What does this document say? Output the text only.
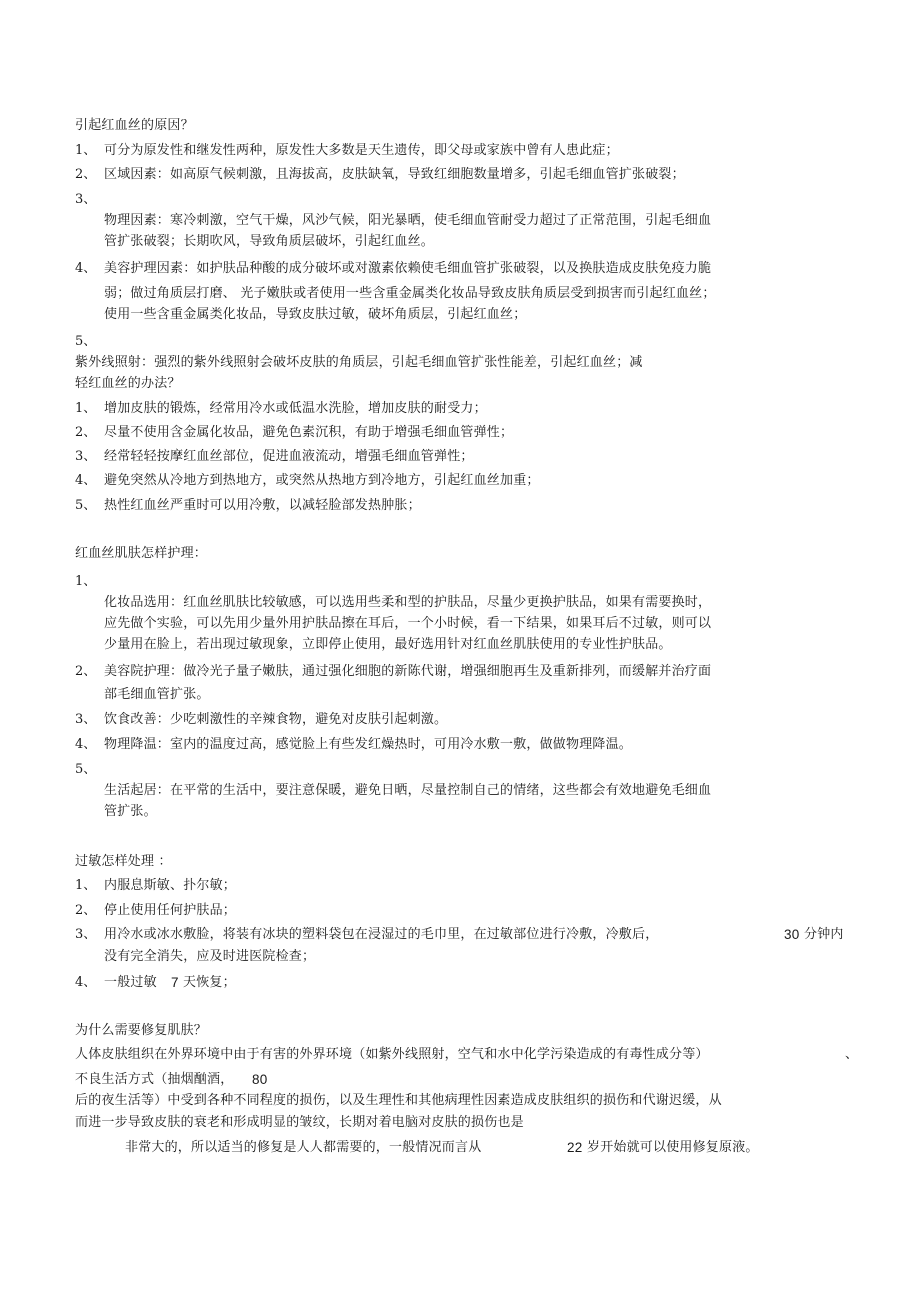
引起红血丝的原因？
1、 可分为原发性和继发性两种，原发性大多数是天生遗传，即父母或家族中曾有人患此症；
2、 区域因素：如高原气候刺激，且海拔高，皮肤缺氧，导致红细胞数量增多，引起毛细血管扩张破裂；
3、
物理因素：寒冷刺激，空气干燥，风沙气候，阳光暴晒，使毛细血管耐受力超过了正常范围，引起毛细血
管扩张破裂；长期吹风，导致角质层破坏，引起红血丝。
4、 美容护理因素：如护肤品种酸的成分破坏或对激素依赖使毛细血管扩张破裂，以及换肤造成皮肤免疫力脆
弱；做过角质层打磨、 光子嫩肤或者使用一些含重金属类化妆品导致皮肤角质层受到损害而引起红血丝；
使用一些含重金属类化妆品，导致皮肤过敏，破坏角质层，引起红血丝；
5、
紫外线照射：强烈的紫外线照射会破坏皮肤的角质层，引起毛细血管扩张性能差，引起红血丝；减
轻红血丝的办法？
1、 增加皮肤的锻炼，经常用冷水或低温水洗脸，增加皮肤的耐受力；
2、 尽量不使用含金属化妆品，避免色素沉积，有助于增强毛细血管弹性；
3、 经常轻轻按摩红血丝部位，促进血液流动，增强毛细血管弹性；
4、 避免突然从冷地方到热地方，或突然从热地方到冷地方，引起红血丝加重；
5、 热性红血丝严重时可以用冷敷，以减轻脸部发热肿胀；
红血丝肌肤怎样护理：
1、
化妆品选用：红血丝肌肤比较敏感，可以选用些柔和型的护肤品，尽量少更换护肤品，如果有需要换时，
应先做个实验，可以先用少量外用护肤品擦在耳后，一个小时候，看一下结果，如果耳后不过敏，则可以
少量用在脸上，若出现过敏现象，立即停止使用，最好选用针对红血丝肌肤使用的专业性护肤品。
2、 美容院护理：做冷光子量子嫩肤，通过强化细胞的新陈代谢，增强细胞再生及重新排列，而缓解并治疗面
部毛细血管扩张。
3、 饮食改善：少吃刺激性的辛辣食物，避免对皮肤引起刺激。
4、 物理降温：室内的温度过高，感觉脸上有些发红燥热时，可用冷水敷一敷，做做物理降温。
5、
生活起居：在平常的生活中，要注意保暖，避免日晒，尽量控制自己的情绪，这些都会有效地避免毛细血
管扩张。
过敏怎样处理 ：
1、 内服息斯敏、扑尔敏；
2、 停止使用任何护肤品；
3、 用冷水或冰水敷脸，将装有冰块的塑料袋包在浸湿过的毛巾里，在过敏部位进行冷敷，冷敷后，	30 分钟内
没有完全消失，应及时进医院检查；
4、 一般过敏 7 天恢复；
为什么需要修复肌肤？
人体皮肤组织在外界环境中由于有害的外界环境（如紫外线照射，空气和水中化学污染造成的有毒性成分等）	、
不良生活方式（抽烟酗酒， 80
后的夜生活等）中受到各种不同程度的损伤，以及生理性和其他病理性因素造成皮肤组织的损伤和代谢迟缓，从
而进一步导致皮肤的衰老和形成明显的皱纹，长期对着电脑对皮肤的损伤也是
非常大的，所以适当的修复是人人都需要的，一般情况而言从	22 岁开始就可以使用修复原液。
